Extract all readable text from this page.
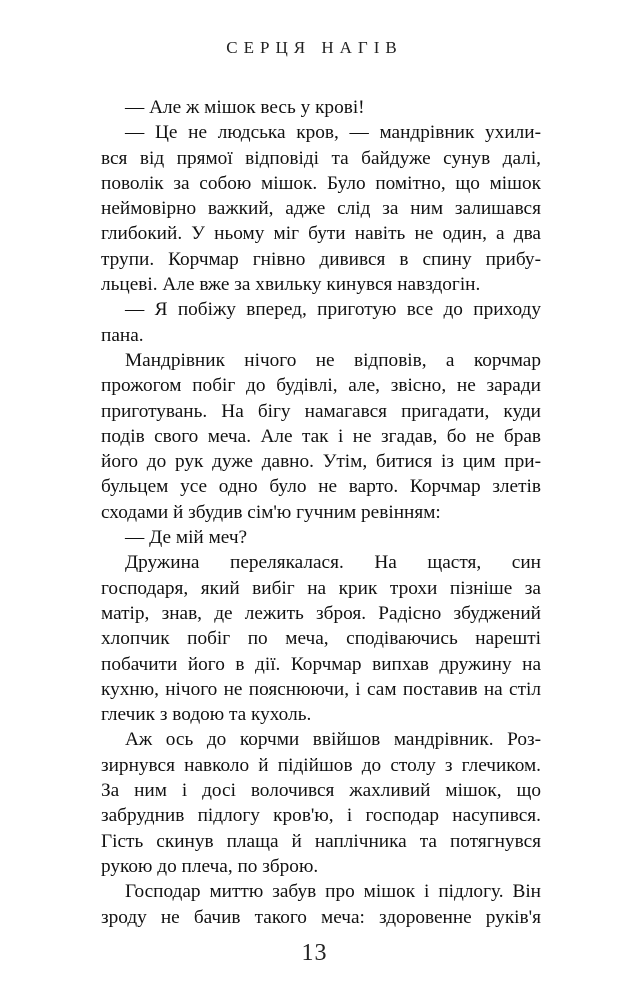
СЕРЦЯ НАГІВ
— Але ж мішок весь у крові!
— Це не людська кров, — мандрівник ухили-
вся від прямої відповіді та байдуже сунув далі,
поволік за собою мішок. Було помітно, що мішок
неймовірно важкий, адже слід за ним залишався
глибокий. У ньому міг бути навіть не один, а два
трупи. Корчмар гнівно дивився в спину прибу-
льцеві. Але вже за хвильку кинувся навздогін.
— Я побіжу вперед, приготую все до приходу
пана.
Мандрівник нічого не відповів, а корчмар
прожогом побіг до будівлі, але, звісно, не заради
приготувань. На бігу намагався пригадати, куди
подів свого меча. Але так і не згадав, бо не брав
його до рук дуже давно. Утім, битися із цим при-
бульцем усе одно було не варто. Корчмар злетів
сходами й збудив сім'ю гучним ревінням:
— Де мій меч?
Дружина перелякалася. На щастя, син
господаря, який вибіг на крик трохи пізніше за
матір, знав, де лежить зброя. Радісно збуджений
хлопчик побіг по меча, сподіваючись нарешті
побачити його в дії. Корчмар випхав дружину на
кухню, нічого не пояснюючи, і сам поставив на стіл
глечик з водою та кухоль.
Аж ось до корчми ввійшов мандрівник. Роз-
зирнувся навколо й підійшов до столу з глечиком.
За ним і досі волочився жахливий мішок, що
забруднив підлогу кров'ю, і господар насупився.
Гість скинув плаща й наплічника та потягнувся
рукою до плеча, по зброю.
Господар миттю забув про мішок і підлогу. Він
зроду не бачив такого меча: здоровенне руків'я
13
